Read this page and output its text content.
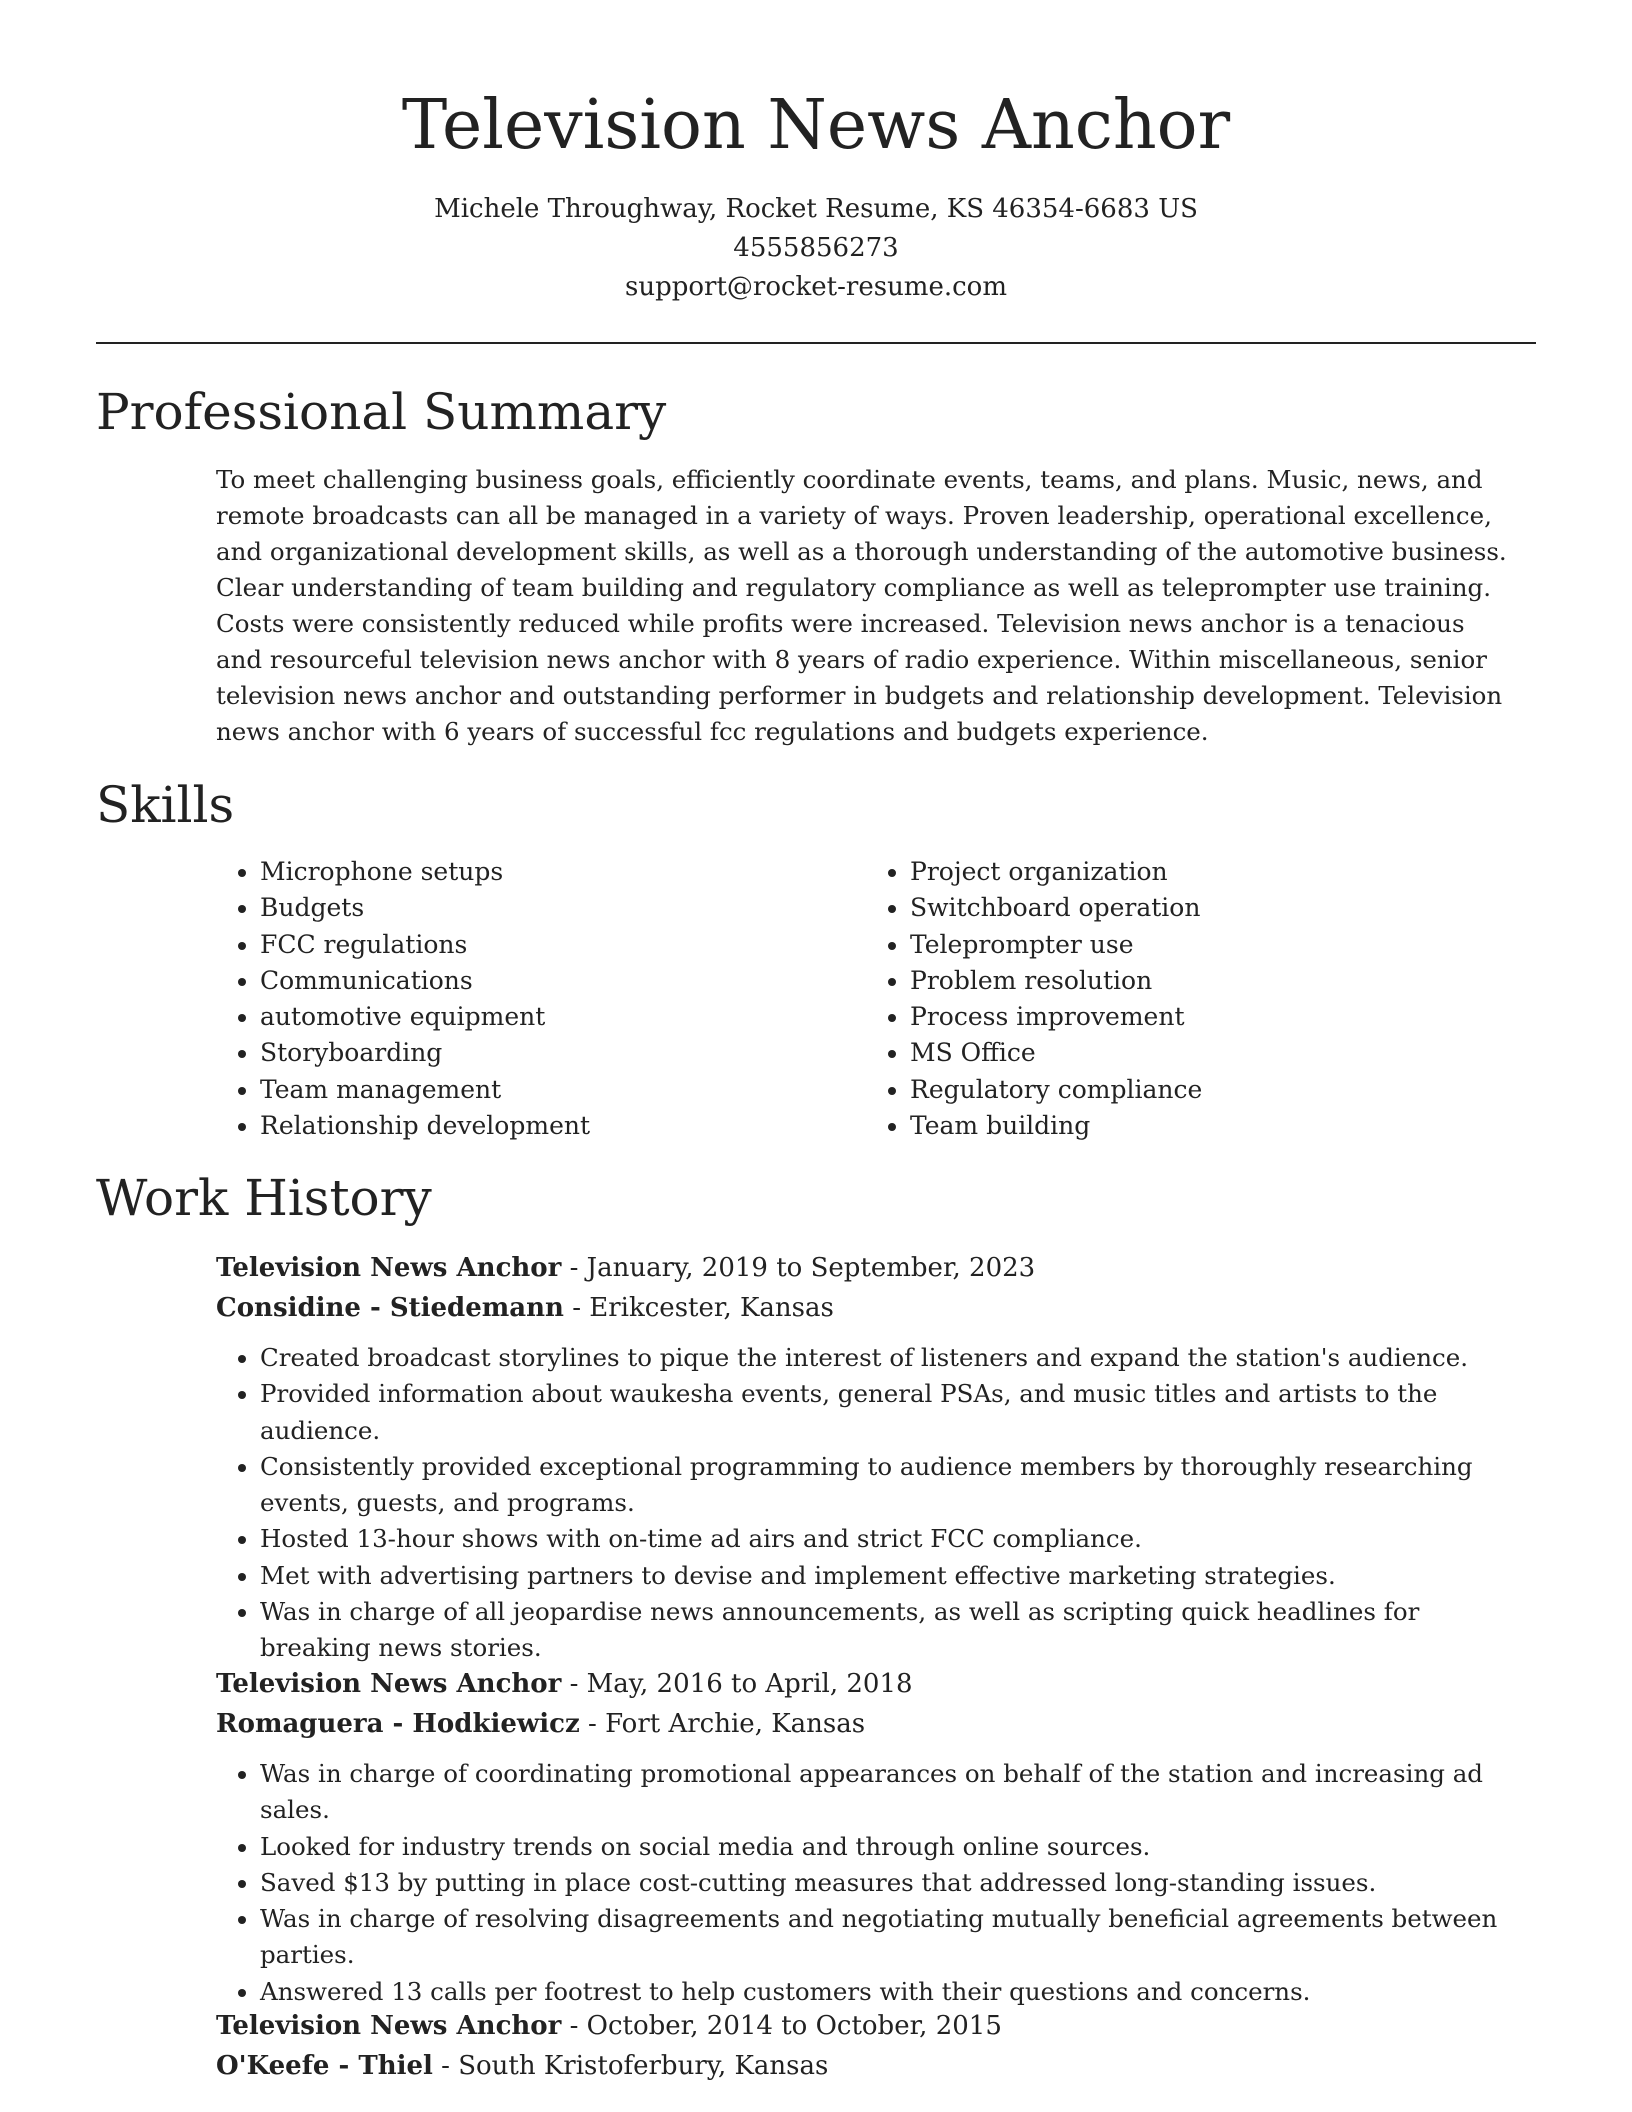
Television News Anchor
Michele Throughway, Rocket Resume, KS 46354-6683 US
4555856273
support@rocket-resume.com
Professional Summary

To meet challenging business goals, efficiently coordinate events, teams, and plans. Music, news, and remote broadcasts can all be managed in a variety of ways. Proven leadership, operational excellence, and organizational development skills, as well as a thorough understanding of the automotive business. Clear understanding of team building and regulatory compliance as well as teleprompter use training. Costs were consistently reduced while profits were increased. Television news anchor is a tenacious and resourceful television news anchor with 8 years of radio experience. Within miscellaneous, senior television news anchor and outstanding performer in budgets and relationship development. Television news anchor with 6 years of successful fcc regulations and budgets experience.

Skills
• Microphone setups
• Budgets
• FCC regulations
• Communications
• automotive equipment
• Storyboarding
• Team management
• Relationship development
• Project organization
• Switchboard operation
• Teleprompter use
• Problem resolution
• Process improvement
• MS Office
• Regulatory compliance
• Team building
Work History
Television News Anchor - January, 2019 to September, 2023
Considine - Stiedemann - Erikcester, Kansas
• Created broadcast storylines to pique the interest of listeners and expand the station's audience.
• Provided information about waukesha events, general PSAs, and music titles and artists to the audience.
• Consistently provided exceptional programming to audience members by thoroughly researching events, guests, and programs.
• Hosted 13-hour shows with on-time ad airs and strict FCC compliance.
• Met with advertising partners to devise and implement effective marketing strategies.
• Was in charge of all jeopardise news announcements, as well as scripting quick headlines for breaking news stories.
Television News Anchor - May, 2016 to April, 2018
Romaguera - Hodkiewicz - Fort Archie, Kansas
• Was in charge of coordinating promotional appearances on behalf of the station and increasing ad sales.
• Looked for industry trends on social media and through online sources.
• Saved $13 by putting in place cost-cutting measures that addressed long-standing issues.
• Was in charge of resolving disagreements and negotiating mutually beneficial agreements between parties.
• Answered 13 calls per footrest to help customers with their questions and concerns.
Television News Anchor - October, 2014 to October, 2015
O'Keefe - Thiel - South Kristoferbury, Kansas
